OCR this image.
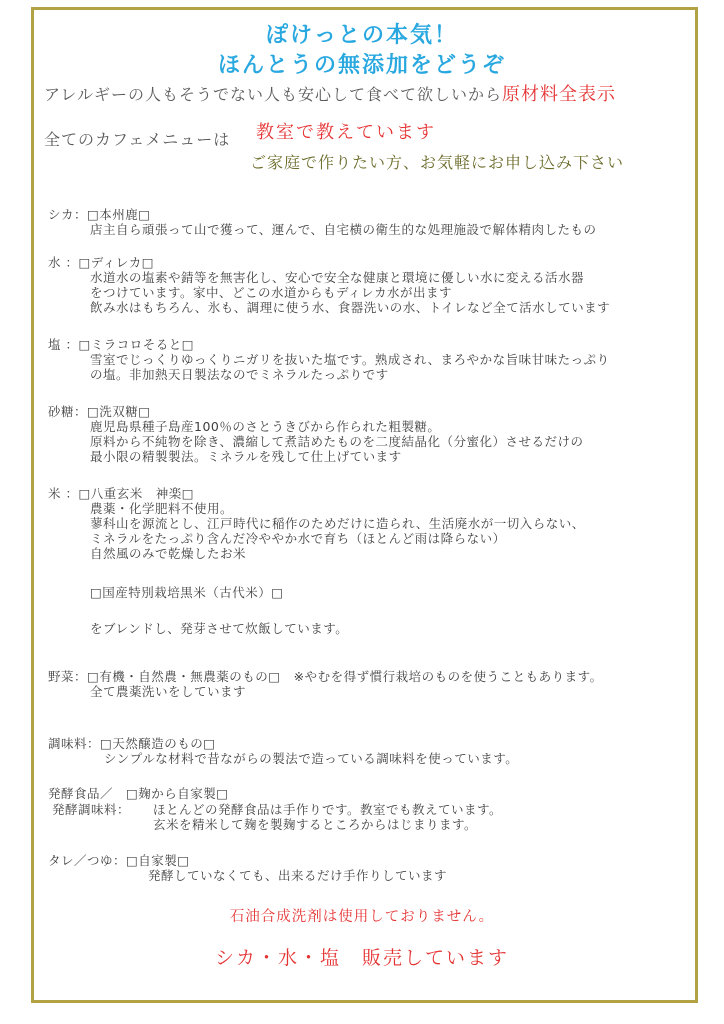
ぽけっとの本気！
ほんとうの無添加をどうぞ
アレルギーの人もそうでない人も安心して食べて欲しいから原材料全表示
全てのカフェメニューは 教室で教えています
ご家庭で作りたい方、お気軽にお申し込み下さい
シカ：□本州鹿□
店主自ら頑張って山で獲って、運んで、自宅横の衛生的な処理施設で解体精肉したもの
水 ：□ディレカ□
水道水の塩素や錆等を無害化し、安心で安全な健康と環境に優しい水に変える活水器
をつけています。家中、どこの水道からもディレカ水が出ます
飲み水はもちろん、氷も、調理に使う水、食器洗いの水、トイレなど全て活水しています
塩 ：□ミラコロそると□
雪室でじっくりゆっくりニガリを抜いた塩です。熟成され、まろやかな旨味甘味たっぷり
の塩。非加熱天日製法なのでミネラルたっぷりです
砂糖：□洗双糖□
鹿児島県種子島産100％のさとうきびから作られた粗製糖。
原料から不純物を除き、濃縮して煮詰めたものを二度結晶化（分蜜化）させるだけの
最小限の精製製法。ミネラルを残して仕上げています
米 ：□八重玄米　神楽□
農薬・化学肥料不使用。
蓼科山を源流とし、江戸時代に稲作のためだけに造られ、生活廃水が一切入らない、
ミネラルをたっぷり含んだ冷ややか水で育ち（ほとんど雨は降らない）
自然風のみで乾燥したお米
□国産特別栽培黒米（古代米）□
をブレンドし、発芽させて炊飯しています。
野菜：□有機・自然農・無農薬のもの□　※やむを得ず慣行栽培のものを使うこともあります。
全て農薬洗いをしています
調味料：□天然醸造のもの□
シンプルな材料で昔ながらの製法で造っている調味料を使っています。
発酵食品／　□麹から自家製□
発酵調味料： ほとんどの発酵食品は手作りです。教室でも教えています。
玄米を精米して麹を製麹するところからはじまります。
タレ／つゆ：□自家製□
発酵していなくても、出来るだけ手作りしています
石油合成洗剤は使用しておりません。
シカ・水・塩　販売しています
